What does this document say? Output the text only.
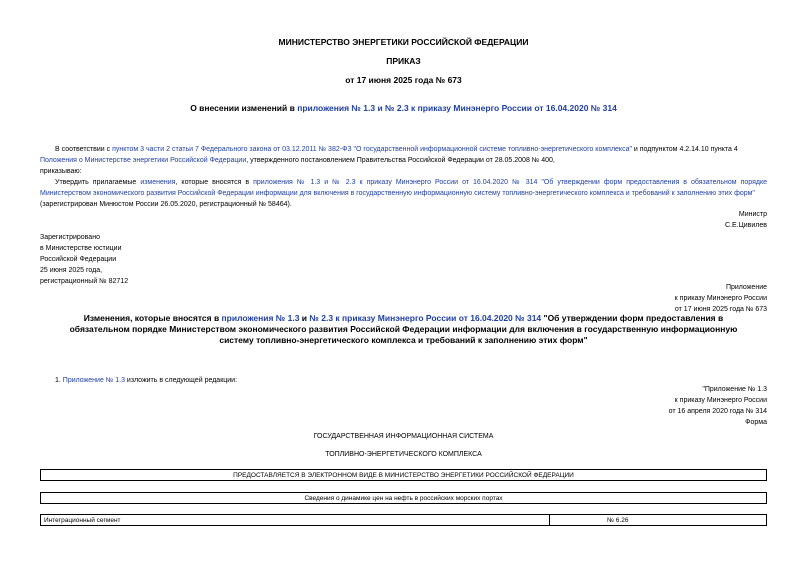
МИНИСТЕРСТВО ЭНЕРГЕТИКИ РОССИЙСКОЙ ФЕДЕРАЦИИ
ПРИКАЗ
от 17 июня 2025 года № 673
О внесении изменений в приложения № 1.3 и № 2.3 к приказу Минэнерго России от 16.04.2020 № 314
В соответствии с пунктом 3 части 2 статьи 7 Федерального закона от 03.12.2011 № 382-ФЗ "О государственной информационной системе топливно-энергетического комплекса" и подпунктом 4.2.14.10 пункта 4
Положения о Министерстве энергетики Российской Федерации, утвержденного постановлением Правительства Российской Федерации от 28.05.2008 № 400,
приказываю:
Утвердить прилагаемые изменения, которые вносятся в приложения № 1.3 и № 2.3 к приказу Минэнерго России от 16.04.2020 № 314 "Об утверждении форм предоставления в обязательном порядке
Министерством экономического развития Российской Федерации информации для включения в государственную информационную систему топливно-энергетического комплекса и требований к заполнению этих форм"
(зарегистрирован Минюстом России 26.05.2020, регистрационный № 58464).
Министр
С.Е.Цивилев
Зарегистрировано
в Министерстве юстиции
Российской Федерации
25 июня 2025 года,
регистрационный № 82712
Приложение
к приказу Минэнерго России
от 17 июня 2025 года № 673
Изменения, которые вносятся в приложения № 1.3 и № 2.3 к приказу Минэнерго России от 16.04.2020 № 314 "Об утверждении форм предоставления в
обязательном порядке Министерством экономического развития Российской Федерации информации для включения в государственную информационную
систему топливно-энергетического комплекса и требований к заполнению этих форм"
1. Приложение № 1.3 изложить в следующей редакции:
"Приложение № 1.3
к приказу Минэнерго России
от 16 апреля 2020 года № 314
Форма
ГОСУДАРСТВЕННАЯ ИНФОРМАЦИОННАЯ СИСТЕМА
ТОПЛИВНО-ЭНЕРГЕТИЧЕСКОГО КОМПЛЕКСА
ПРЕДОСТАВЛЯЕТСЯ В ЭЛЕКТРОННОМ ВИДЕ В МИНИСТЕРСТВО ЭНЕРГЕТИКИ РОССИЙСКОЙ ФЕДЕРАЦИИ
Сведения о динамике цен на нефть в российских морских портах
Интеграционный сегмент	№ 6.26
